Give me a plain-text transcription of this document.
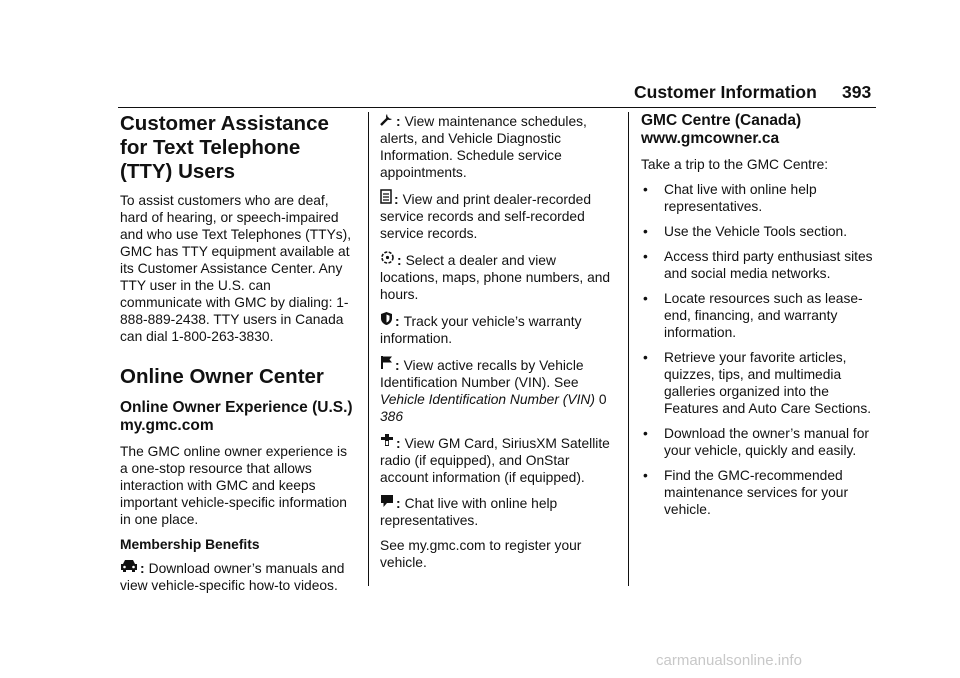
Customer Information 393
Customer Assistance for Text Telephone (TTY) Users
To assist customers who are deaf, hard of hearing, or speech-impaired and who use Text Telephones (TTYs), GMC has TTY equipment available at its Customer Assistance Center. Any TTY user in the U.S. can communicate with GMC by dialing: 1-888-889-2438. TTY users in Canada can dial 1-800-263-3830.
Online Owner Center
Online Owner Experience (U.S.) my.gmc.com
The GMC online owner experience is a one-stop resource that allows interaction with GMC and keeps important vehicle-specific information in one place.
Membership Benefits
: Download owner’s manuals and view vehicle-specific how-to videos.
: View maintenance schedules, alerts, and Vehicle Diagnostic Information. Schedule service appointments.
: View and print dealer-recorded service records and self-recorded service records.
: Select a dealer and view locations, maps, phone numbers, and hours.
: Track your vehicle’s warranty information.
: View active recalls by Vehicle Identification Number (VIN). See Vehicle Identification Number (VIN) 0 386
: View GM Card, SiriusXM Satellite radio (if equipped), and OnStar account information (if equipped).
: Chat live with online help representatives.
See my.gmc.com to register your vehicle.
GMC Centre (Canada) www.gmcowner.ca
Take a trip to the GMC Centre:
• Chat live with online help representatives.
• Use the Vehicle Tools section.
• Access third party enthusiast sites and social media networks.
• Locate resources such as lease-end, financing, and warranty information.
• Retrieve your favorite articles, quizzes, tips, and multimedia galleries organized into the Features and Auto Care Sections.
• Download the owner’s manual for your vehicle, quickly and easily.
• Find the GMC-recommended maintenance services for your vehicle.
carmanualsonline.info
